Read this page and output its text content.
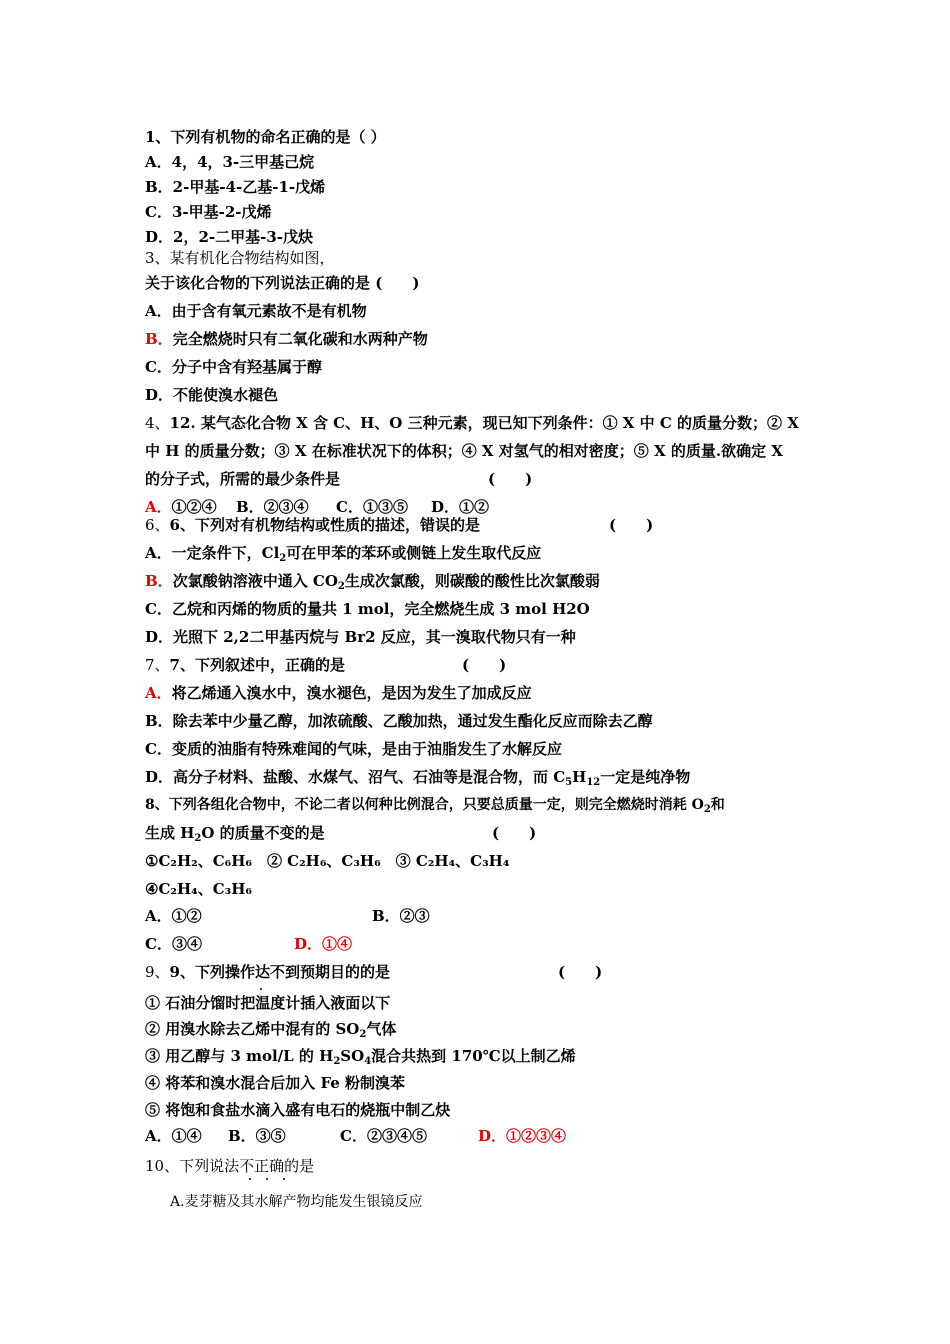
1、下列有机物的命名正确的是（ ）
A．4，4，3-三甲基己烷
B．2-甲基-4-乙基-1-戊烯
C．3-甲基-2-戊烯
D．2，2-二甲基-3-戊炔
3、某有机化合物结构如图，
关于该化合物的下列说法正确的是 (　　)
A．由于含有氧元素故不是有机物
B．完全燃烧时只有二氧化碳和水两种产物
C．分子中含有羟基属于醇
D．不能使溴水褪色
4、12. 某气态化合物 X 含 C、H、O 三种元素，现已知下列条件：① X 中 C 的质量分数；② X
中 H 的质量分数；③ X 在标准状况下的体积；④ X 对氢气的相对密度；⑤ X 的质量.欲确定 X
的分子式，所需的最少条件是	(　　)
A．①②④ B．②③④ C．①③⑤ D．①②
6、6、下列对有机物结构或性质的描述，错误的是	(　　)
A．一定条件下，$Cl_2$可在甲苯的苯环或侧链上发生取代反应
B．次氯酸钠溶液中通入 $CO_2$生成次氯酸，则碳酸的酸性比次氯酸弱
C．乙烷和丙烯的物质的量共 1 mol，完全燃烧生成 3 mol H2O
D．光照下 2,2二甲基丙烷与 Br2 反应，其一溴取代物只有一种
7、7、下列叙述中，正确的是	(　　)
A．将乙烯通入溴水中，溴水褪色，是因为发生了加成反应
B．除去苯中少量乙醇，加浓硫酸、乙酸加热，通过发生酯化反应而除去乙醇
C．变质的油脂有特殊难闻的气味，是由于油脂发生了水解反应
D．高分子材料、盐酸、水煤气、沼气、石油等是混合物，而 $C_5H_{12}$一定是纯净物
8、下列各组化合物中，不论二者以何种比例混合，只要总质量一定，则完全燃烧时消耗 $O_2$和
生成 $H_2O$ 的质量不变的是	(　　)
①C₂H₂、C₆H₆　② C₂H₆、C₃H₆　③ C₂H₄、C₃H₄
④C₂H₄、C₃H₆
A．①②	B．②③
C．③④	D．①④
9、9、下列操作达不到预期目的的是	(　　)
① 石油分馏时把温度计插入液面以下
② 用溴水除去乙烯中混有的 $SO_2$气体
③ 用乙醇与 3 mol/L 的 $H_2SO_4$混合共热到 170℃以上制乙烯
④ 将苯和溴水混合后加入 Fe 粉制溴苯
⑤ 将饱和食盐水滴入盛有电石的烧瓶中制乙炔
A．①④ B．③⑤	C．②③④⑤	D．①②③④
10、下列说法不正确的是
A.麦芽糖及其水解产物均能发生银镜反应
